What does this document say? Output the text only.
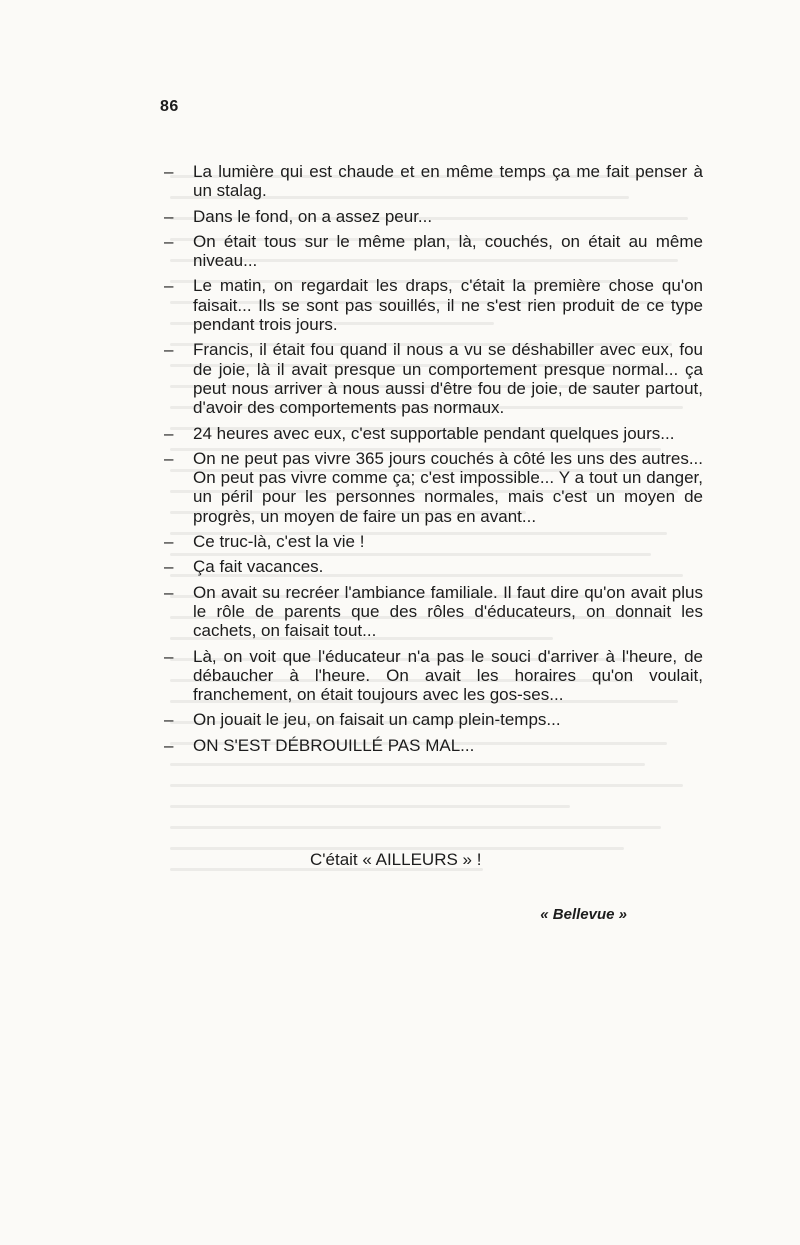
86
– La lumière qui est chaude et en même temps ça me fait penser à un stalag.
– Dans le fond, on a assez peur...
– On était tous sur le même plan, là, couchés, on était au même niveau...
– Le matin, on regardait les draps, c'était la première chose qu'on faisait... Ils se sont pas souillés, il ne s'est rien produit de ce type pendant trois jours.
– Francis, il était fou quand il nous a vu se déshabiller avec eux, fou de joie, là il avait presque un comportement presque normal... ça peut nous arriver à nous aussi d'être fou de joie, de sauter partout, d'avoir des comportements pas normaux.
– 24 heures avec eux, c'est supportable pendant quelques jours...
– On ne peut pas vivre 365 jours couchés à côté les uns des autres... On peut pas vivre comme ça; c'est impossible... Y a tout un danger, un péril pour les personnes normales, mais c'est un moyen de progrès, un moyen de faire un pas en avant...
– Ce truc-là, c'est la vie !
– Ça fait vacances.
– On avait su recréer l'ambiance familiale. Il faut dire qu'on avait plus le rôle de parents que des rôles d'éducateurs, on donnait les cachets, on faisait tout...
– Là, on voit que l'éducateur n'a pas le souci d'arriver à l'heure, de débaucher à l'heure. On avait les horaires qu'on voulait, franchement, on était toujours avec les gos-ses...
– On jouait le jeu, on faisait un camp plein-temps...
– ON S'EST DÉBROUILLÉ PAS MAL...
C'était « AILLEURS » !
« Bellevue »
